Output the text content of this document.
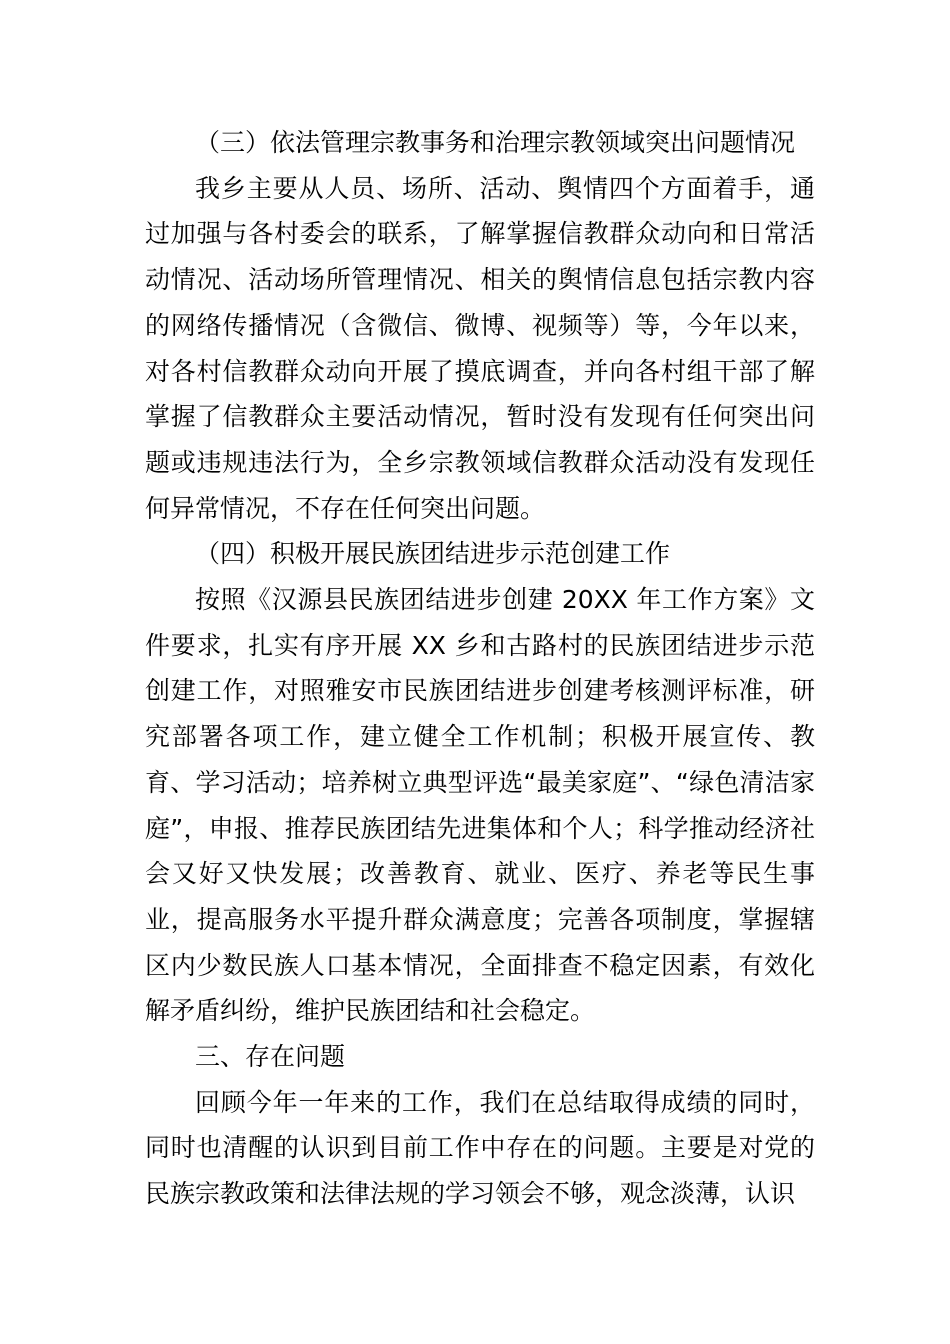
（三）依法管理宗教事务和治理宗教领域突出问题情况

我乡主要从人员、场所、活动、舆情四个方面着手，通过加强与各村委会的联系，了解掌握信教群众动向和日常活动情况、活动场所管理情况、相关的舆情信息包括宗教内容的网络传播情况（含微信、微博、视频等）等，今年以来， 对各村信教群众动向开展了摸底调查，并向各村组干部了解掌握了信教群众主要活动情况，暂时没有发现有任何突出问题或违规违法行为，全乡宗教领域信教群众活动没有发现任何异常情况，不存在任何突出问题。

（四）积极开展民族团结进步示范创建工作

按照《汉源县民族团结进步创建 20XX 年工作方案》文件要求，扎实有序开展 XX 乡和古路村的民族团结进步示范创建工作，对照雅安市民族团结进步创建考核测评标准，研究部署各项工作，建立健全工作机制；积极开展宣传、教育、学习活动；培养树立典型评选“最美家庭”、“绿色清洁家庭”，申报、推荐民族团结先进集体和个人；科学推动经济社会又好又快发展；改善教育、就业、医疗、养老等民生事业，提高服务水平提升群众满意度；完善各项制度，掌握辖区内少数民族人口基本情况，全面排查不稳定因素，有效化解矛盾纠纷，维护民族团结和社会稳定。

三、存在问题

回顾今年一年来的工作，我们在总结取得成绩的同时，同时也清醒的认识到目前工作中存在的问题。主要是对党的民族宗教政策和法律法规的学习领会不够，观念淡薄，认识
